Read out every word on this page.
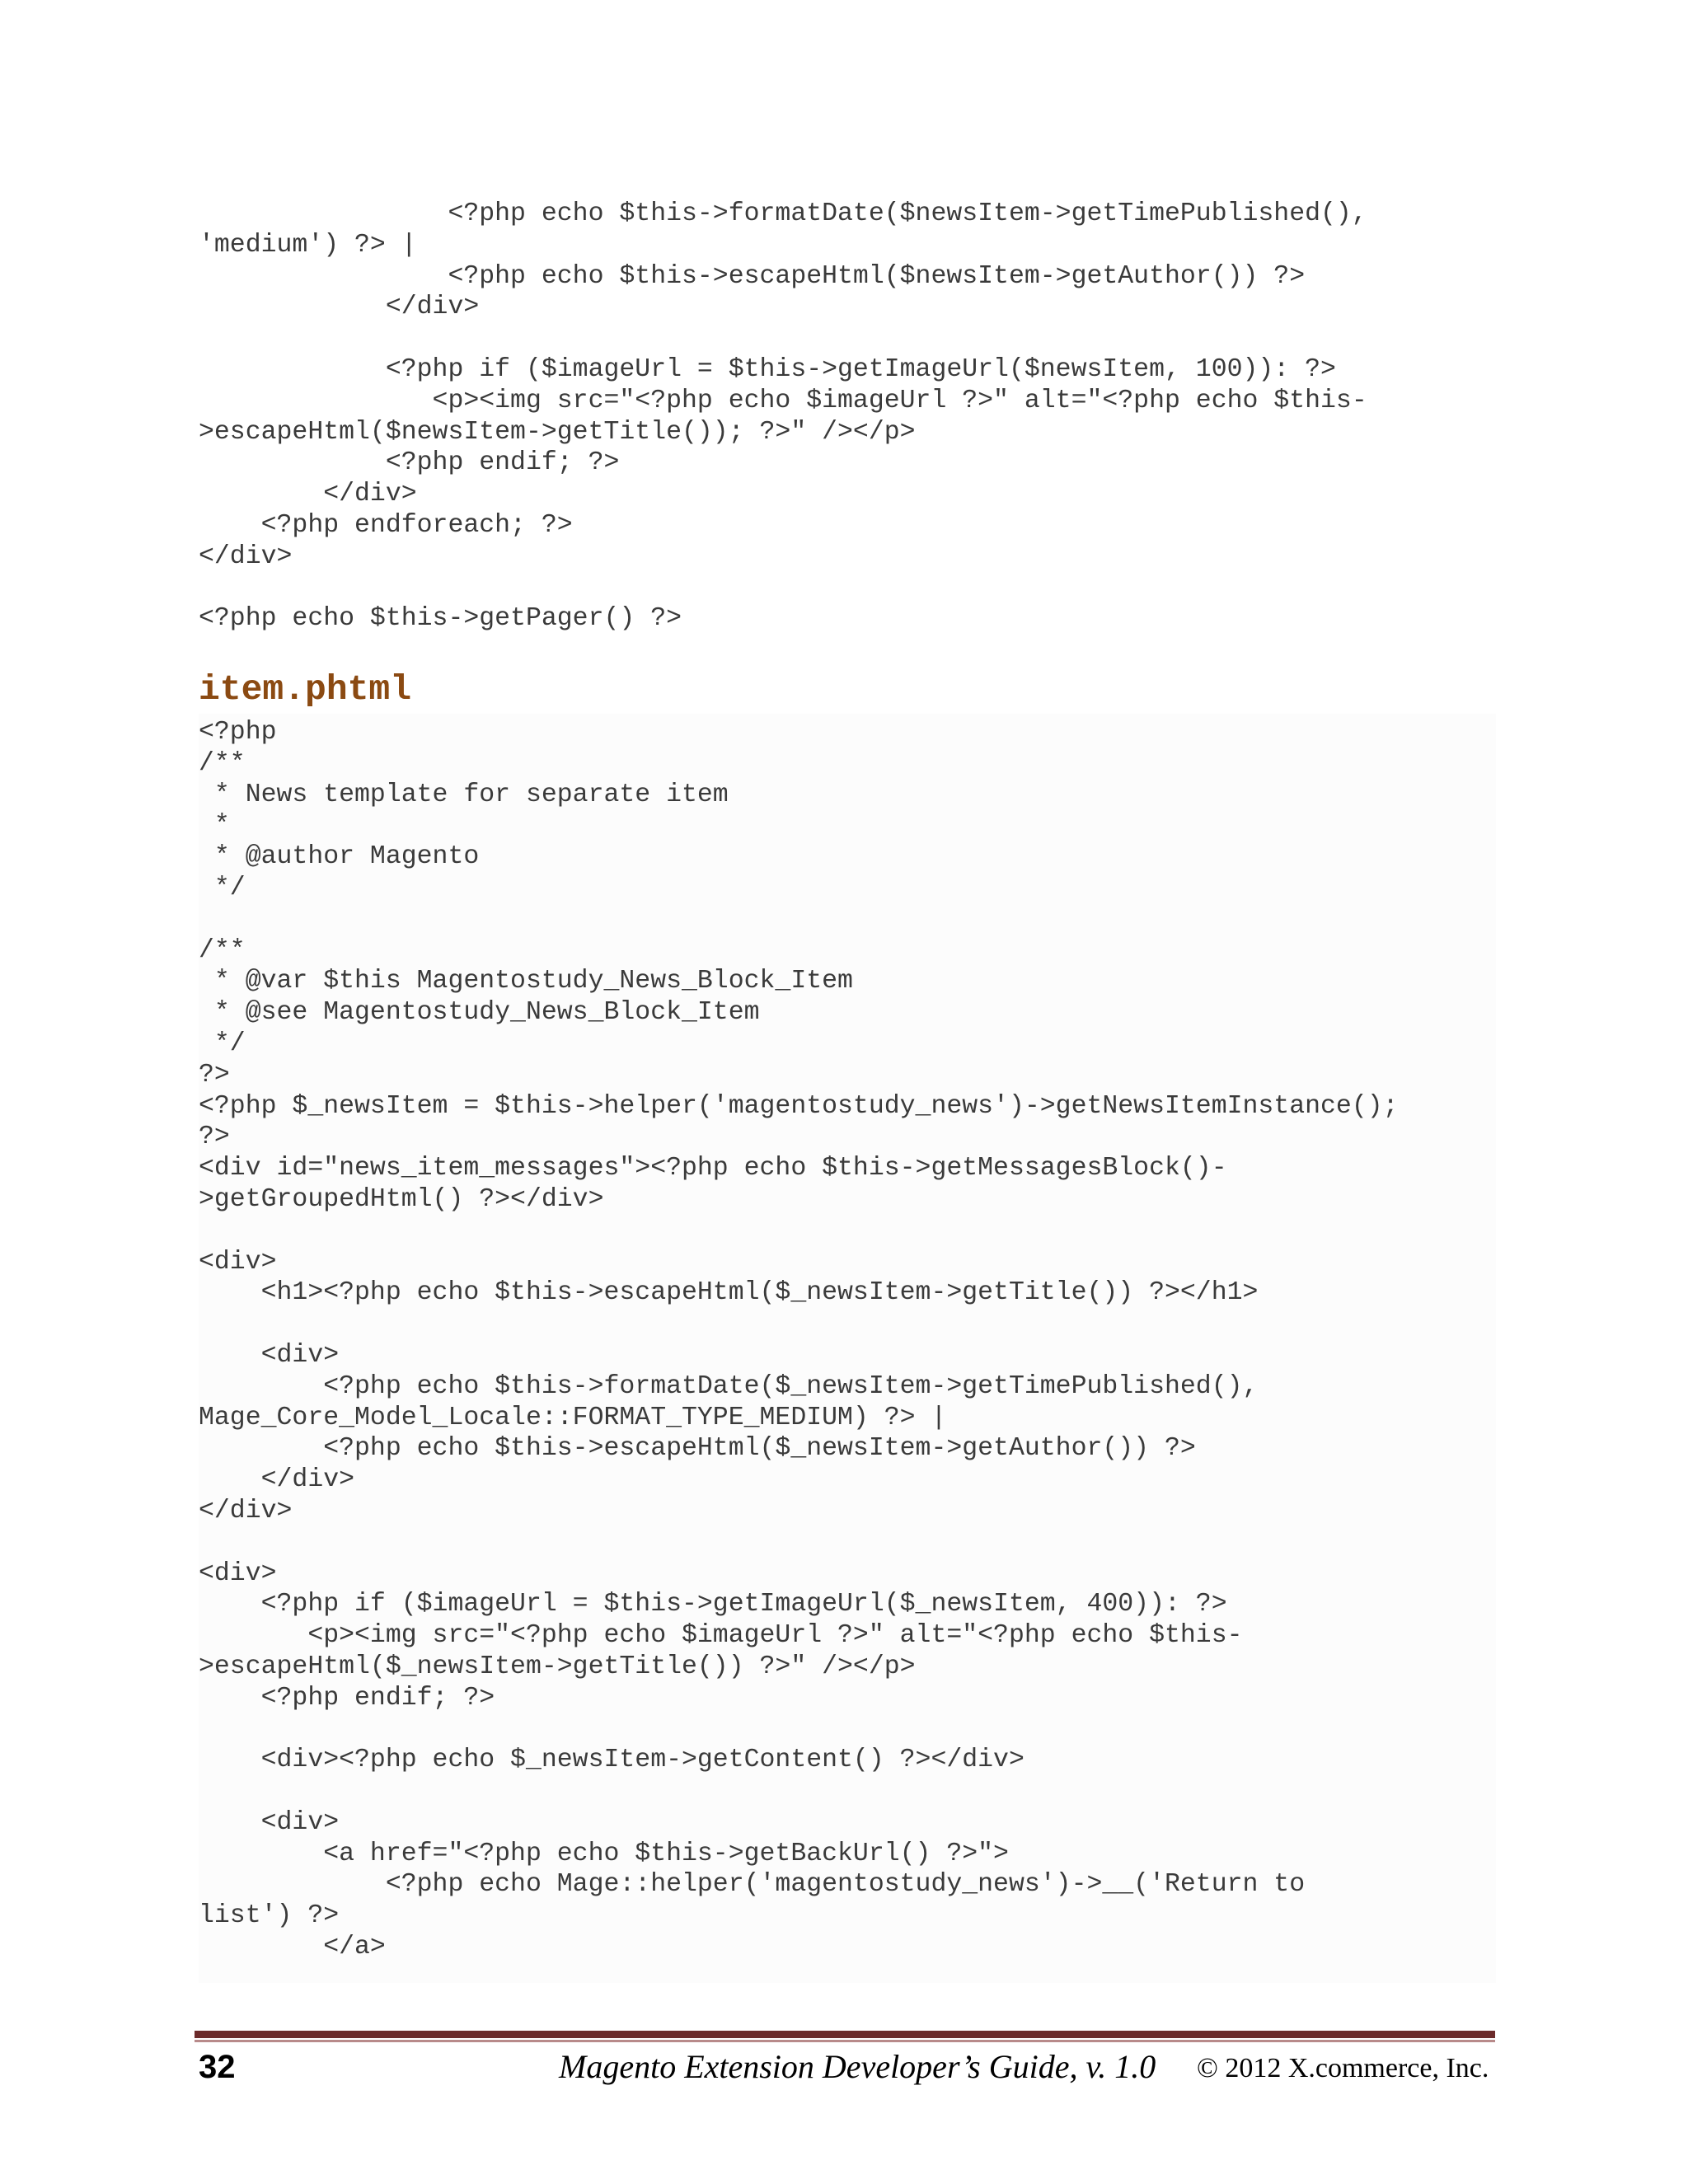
<?php echo $this->formatDate($newsItem->getTimePublished(),
'medium') ?> |
<?php echo $this->escapeHtml($newsItem->getAuthor()) ?>
</div>
<?php if ($imageUrl = $this->getImageUrl($newsItem, 100)): ?>
<p><img src="<?php echo $imageUrl ?>" alt="<?php echo $this-
>escapeHtml($newsItem->getTitle()); ?>" /></p>
<?php endif; ?>
</div>
<?php endforeach; ?>
</div>
<?php echo $this->getPager() ?>
item.phtml
<?php
/**
* News template for separate item
*
* @author Magento
*/
/**
* @var $this Magentostudy_News_Block_Item
* @see Magentostudy_News_Block_Item
*/
?>
<?php $_newsItem = $this->helper('magentostudy_news')->getNewsItemInstance();
?>
<div id="news_item_messages"><?php echo $this->getMessagesBlock()-
>getGroupedHtml() ?></div>
<div>
<h1><?php echo $this->escapeHtml($_newsItem->getTitle()) ?></h1>
<div>
<?php echo $this->formatDate($_newsItem->getTimePublished(),
Mage_Core_Model_Locale::FORMAT_TYPE_MEDIUM) ?> |
<?php echo $this->escapeHtml($_newsItem->getAuthor()) ?>
</div>
</div>
<div>
<?php if ($imageUrl = $this->getImageUrl($_newsItem, 400)): ?>
<p><img src="<?php echo $imageUrl ?>" alt="<?php echo $this-
>escapeHtml($_newsItem->getTitle()) ?>" /></p>
<?php endif; ?>
<div><?php echo $_newsItem->getContent() ?></div>
<div>
<a href="<?php echo $this->getBackUrl() ?>">
<?php echo Mage::helper('magentostudy_news')->__('Return to
list') ?>
</a>
32	Magento Extension Developer’s Guide, v. 1.0 © 2012 X.commerce, Inc.
